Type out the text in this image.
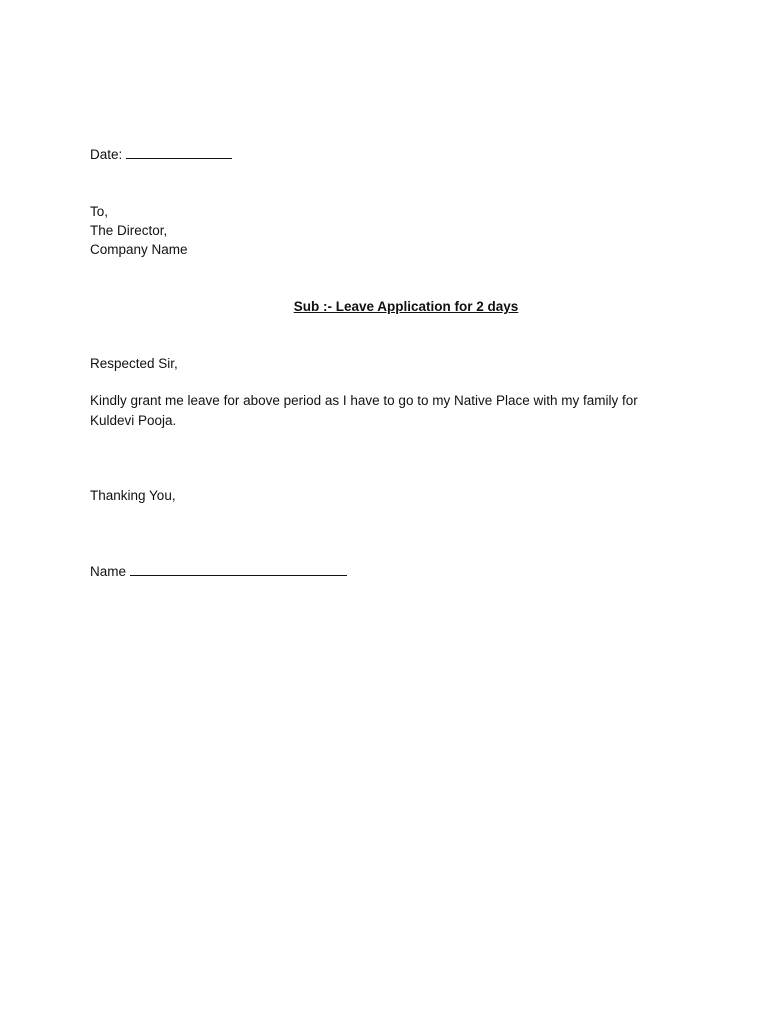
Date:
To,
The Director,
Company Name
Sub :- Leave Application for 2 days
Respected Sir,
Kindly grant me leave for above period as I have to go to my Native Place with my family for Kuldevi Pooja.
Thanking You,
Name
